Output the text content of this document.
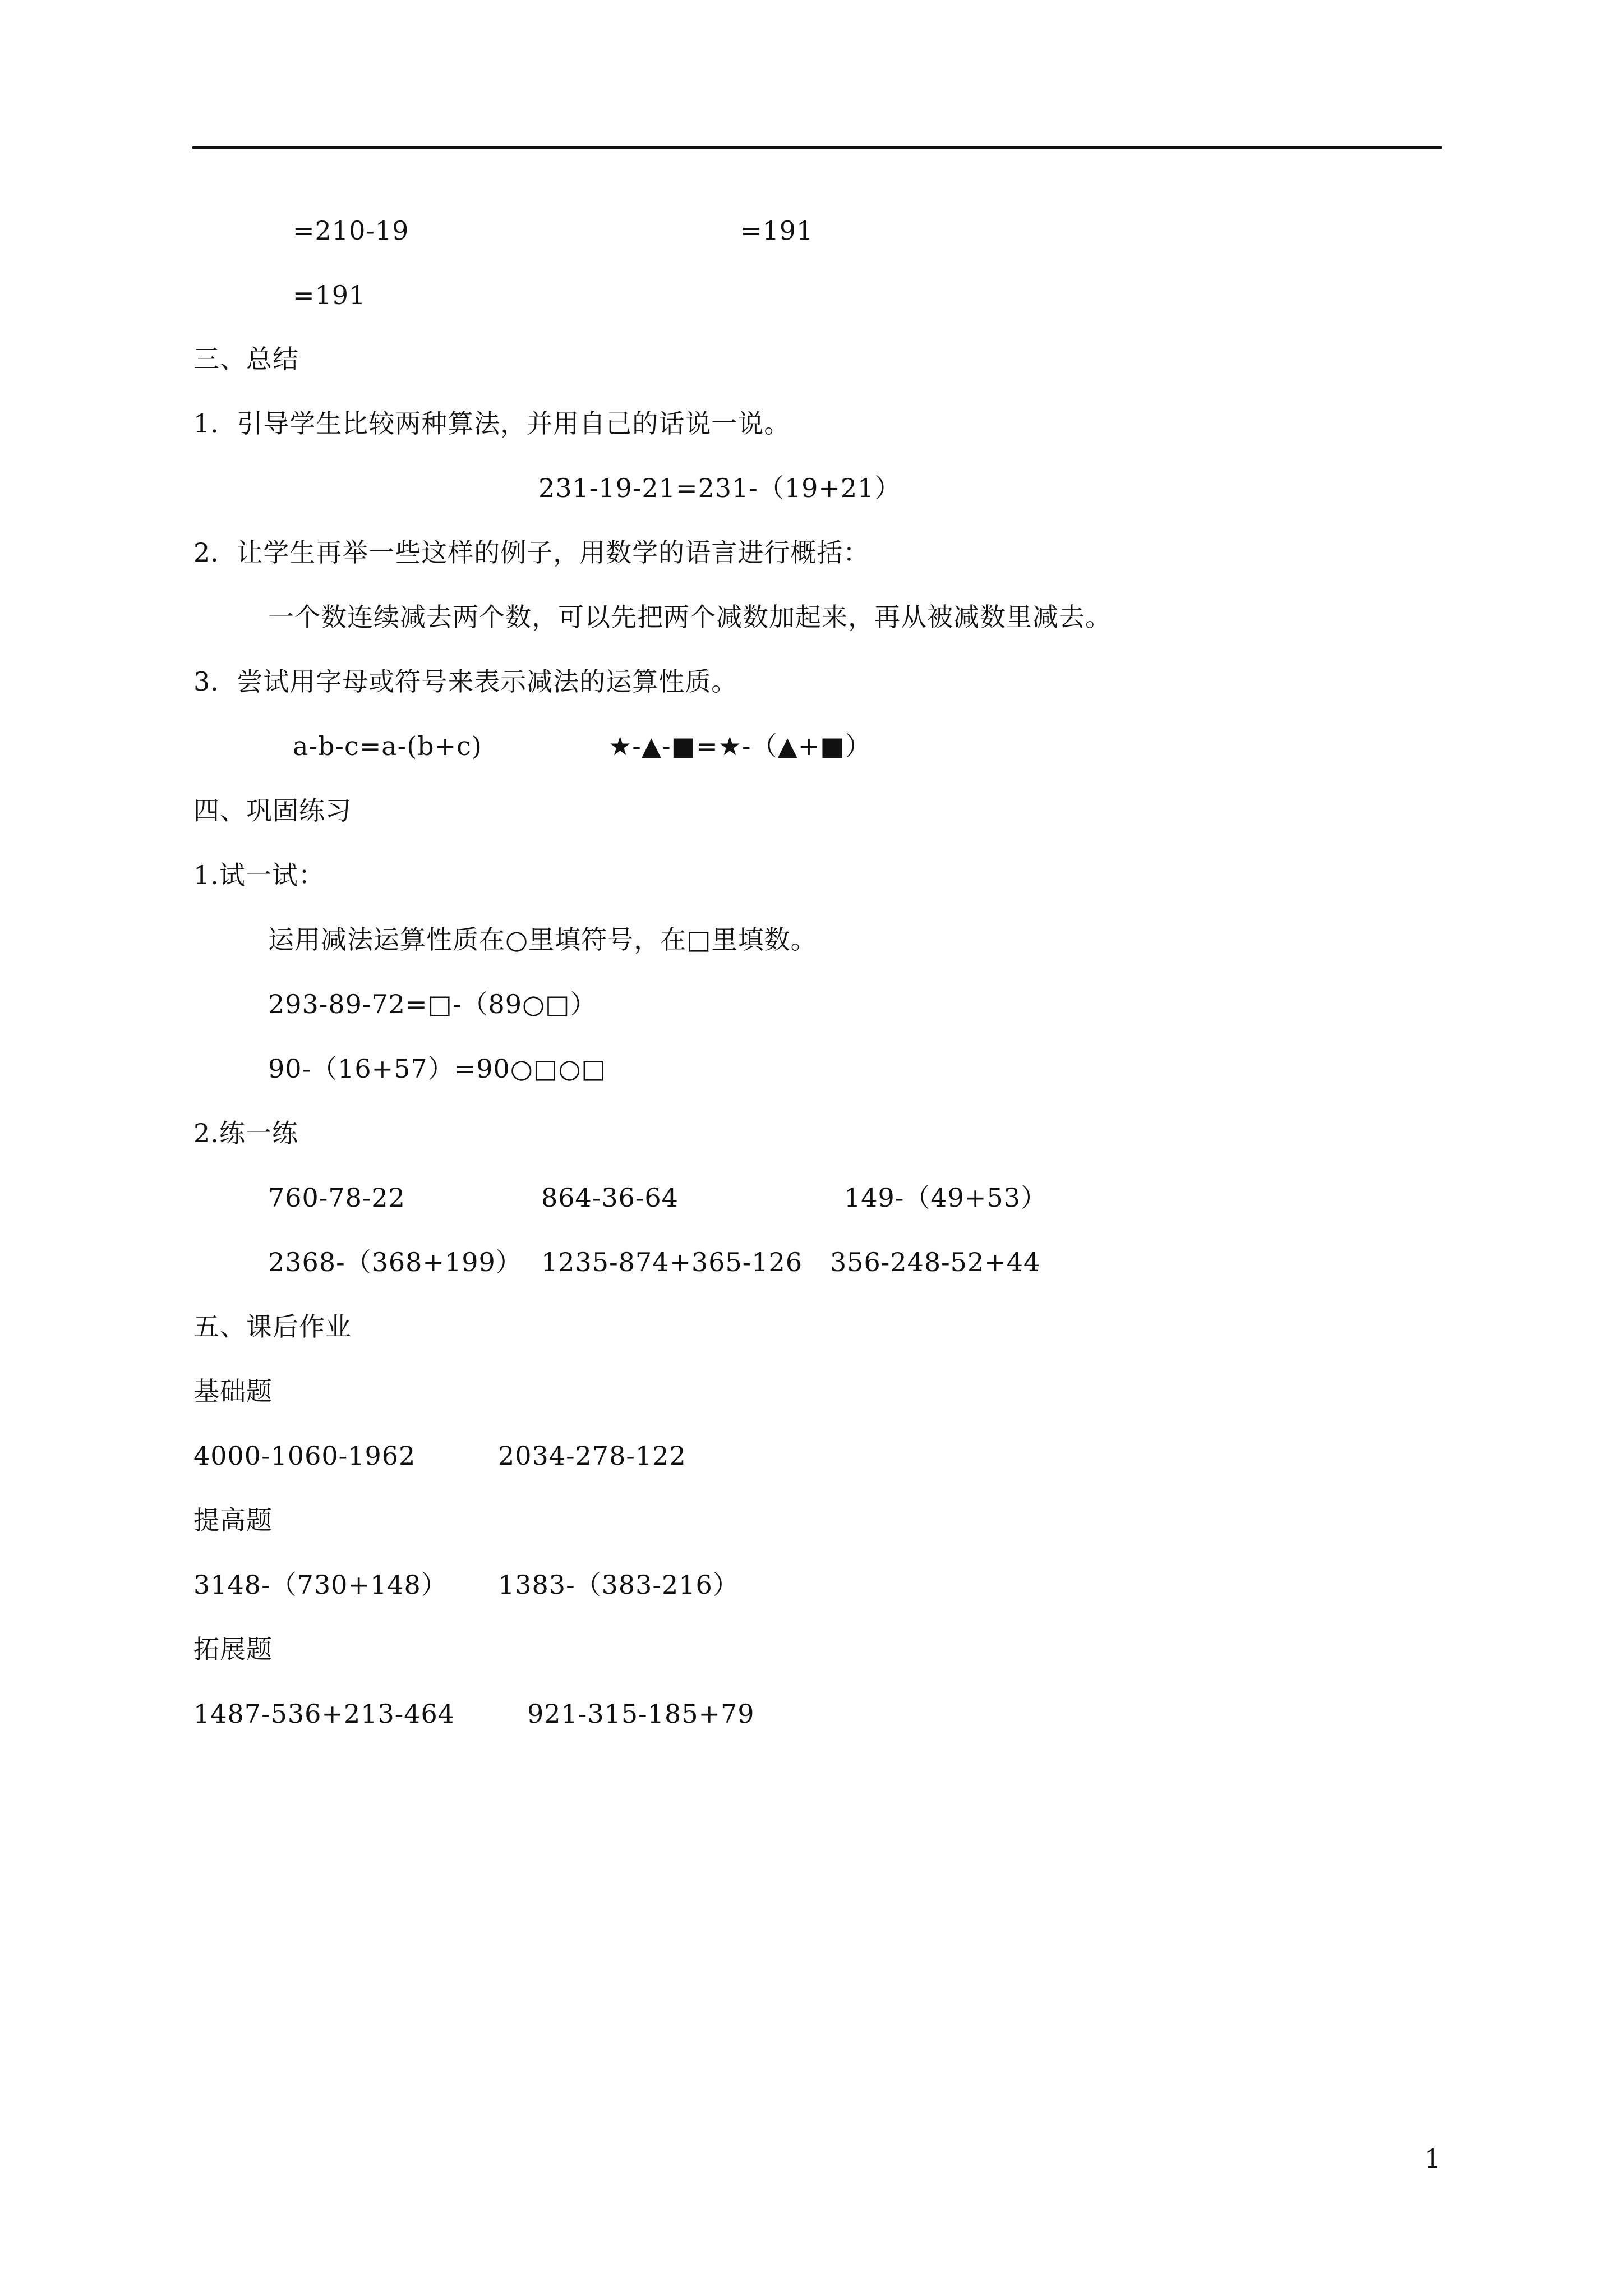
=210-19	=191
=191
三、总结
1．引导学生比较两种算法，并用自己的话说一说。
231-19-21=231-（19+21）
2．让学生再举一些这样的例子，用数学的语言进行概括：
一个数连续减去两个数，可以先把两个减数加起来，再从被减数里减去。
3．尝试用字母或符号来表示减法的运算性质。
a-b-c=a-(b+c)	★-▲-■=★-（▲+■）
四、巩固练习
1.试一试：
运用减法运算性质在○里填符号，在□里填数。
293-89-72=□-（89○□）
90-（16+57）=90○□○□
2.练一练
760-78-22	864-36-64	149-（49+53）
2368-（368+199） 1235-874+365-126 356-248-52+44
五、课后作业
基础题
4000-1060-1962	2034-278-122
提高题
3148-（730+148） 1383-（383-216）
拓展题
1487-536+213-464	921-315-185+79
1
